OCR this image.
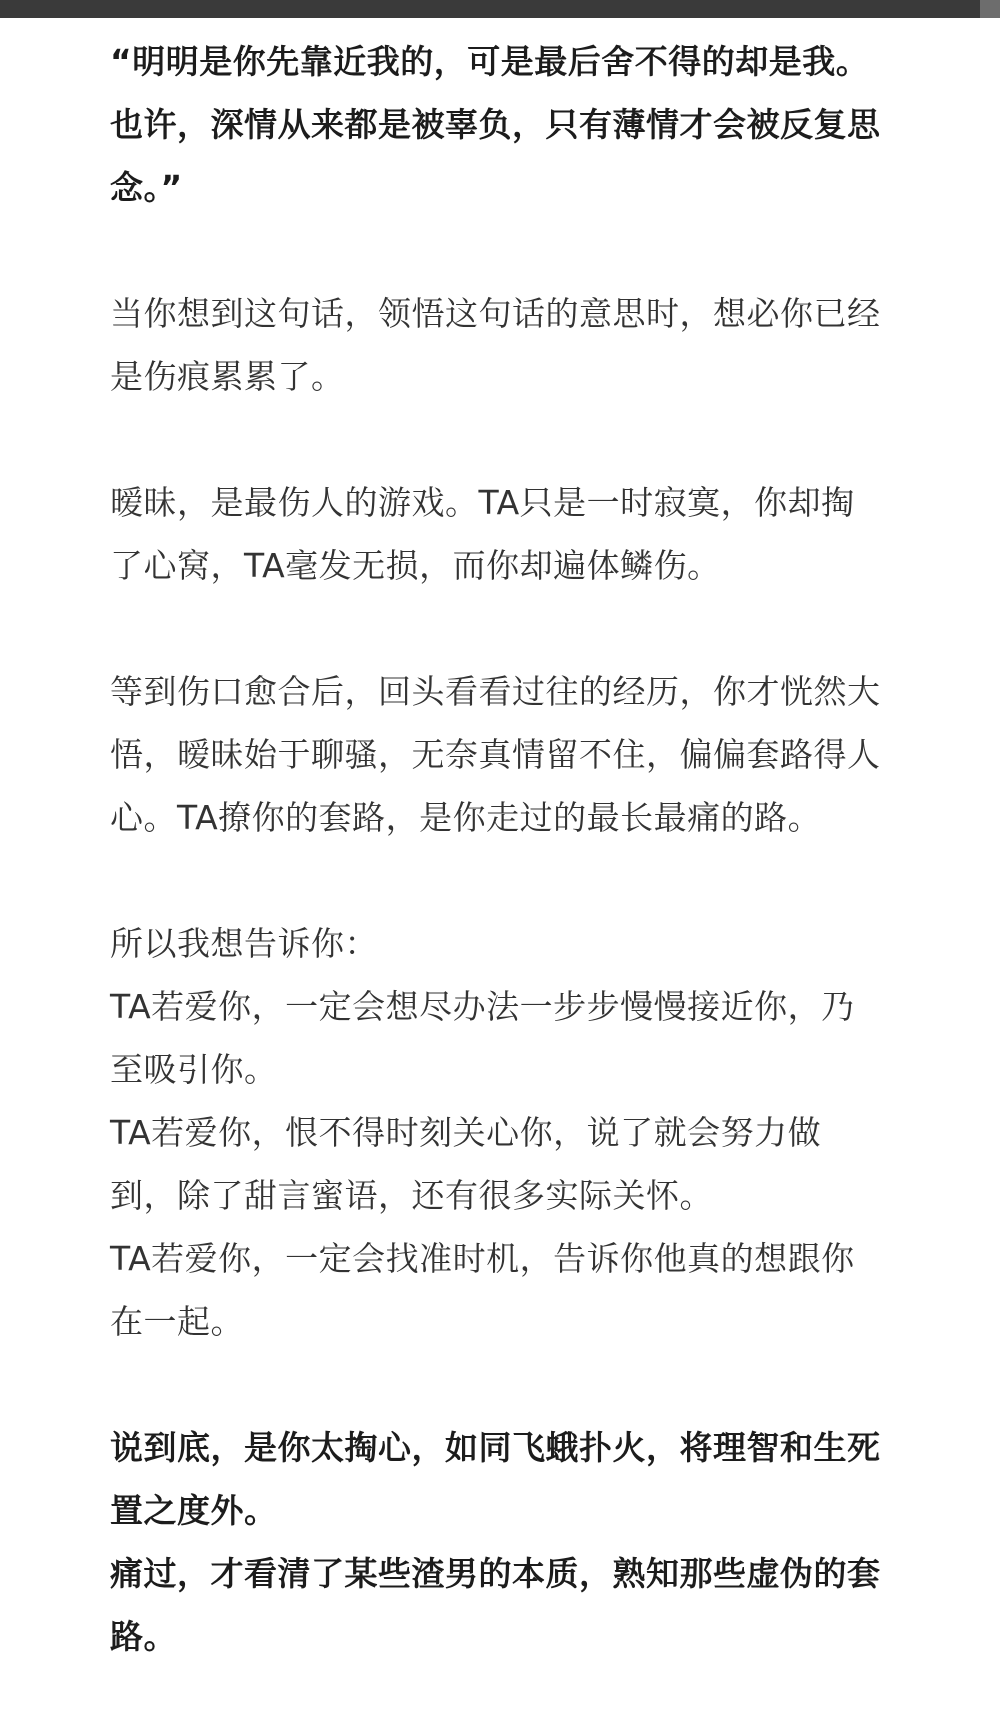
“明明是你先靠近我的，可是最后舍不得的却是我。
也许，深情从来都是被辜负，只有薄情才会被反复思
念。”
当你想到这句话，领悟这句话的意思时，想必你已经
是伤痕累累了。
暧昧，是最伤人的游戏。TA只是一时寂寞，你却掏
了心窝，TA毫发无损，而你却遍体鳞伤。
等到伤口愈合后，回头看看过往的经历，你才恍然大
悟，暧昧始于聊骚，无奈真情留不住，偏偏套路得人
心。TA撩你的套路，是你走过的最长最痛的路。
所以我想告诉你：
TA若爱你，一定会想尽办法一步步慢慢接近你，乃
至吸引你。
TA若爱你，恨不得时刻关心你，说了就会努力做
到，除了甜言蜜语，还有很多实际关怀。
TA若爱你，一定会找准时机，告诉你他真的想跟你
在一起。
说到底，是你太掏心，如同飞蛾扑火，将理智和生死
置之度外。
痛过，才看清了某些渣男的本质，熟知那些虚伪的套
路。
